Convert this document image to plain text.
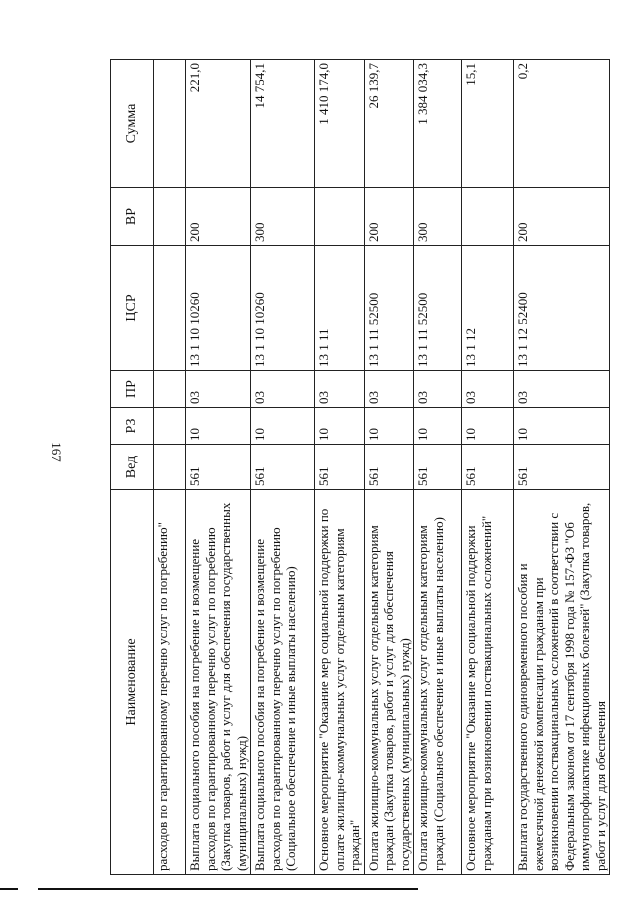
167
Наименование	Вед	РЗ	ПР	ЦСР	ВР	Сумма
расходов по гарантированному перечню услуг по погребению"						
Выплата социального пособия на погребение и возмещение расходов по гарантированному перечню услуг по погребению (Закупка товаров, работ и услуг для обеспечения государственных (муниципальных) нужд)	561	10	03	13 1 10 10260	200	221,0
Выплата социального пособия на погребение и возмещение расходов по гарантированному перечню услуг по погребению (Социальное обеспечение и иные выплаты населению)	561	10	03	13 1 10 10260	300	14 754,1
Основное мероприятие "Оказание мер социальной поддержки по оплате жилищно-коммунальных услуг отдельным категориям граждан"	561	10	03	13 1 11		1 410 174,0
Оплата жилищно-коммунальных услуг отдельным категориям граждан (Закупка товаров, работ и услуг для обеспечения государственных (муниципальных) нужд)	561	10	03	13 1 11 52500	200	26 139,7
Оплата жилищно-коммунальных услуг отдельным категориям граждан (Социальное обеспечение и иные выплаты населению)	561	10	03	13 1 11 52500	300	1 384 034,3
Основное мероприятие "Оказание мер социальной поддержки гражданам при возникновении поствакцинальных осложнений"	561	10	03	13 1 12		15,1
Выплата государственного единовременного пособия и ежемесячной денежной компенсации гражданам при возникновении поствакцинальных осложнений в соответствии с Федеральным законом от 17 сентября 1998 года № 157-ФЗ "Об иммунопрофилактике инфекционных болезней" (Закупка товаров, работ и услуг для обеспечения	561	10	03	13 1 12 52400	200	0,2
